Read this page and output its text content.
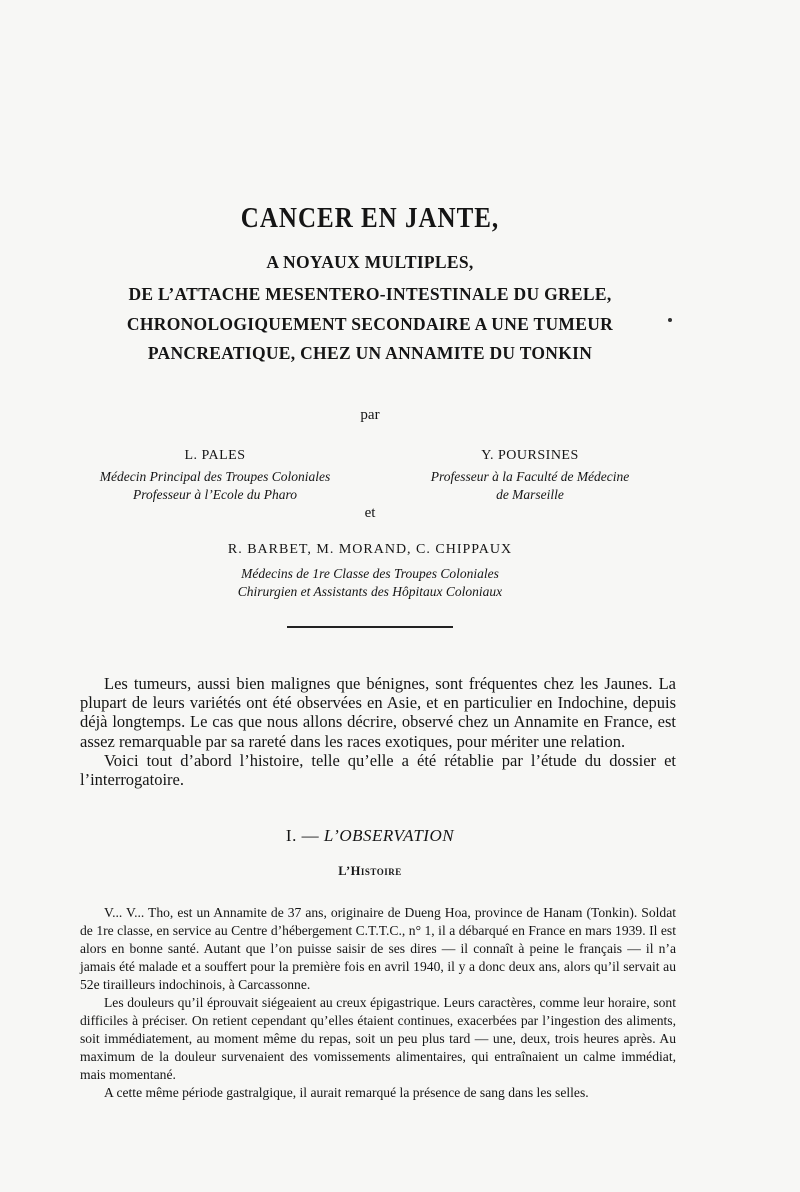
CANCER EN JANTE,
A NOYAUX MULTIPLES,
DE L’ATTACHE MESENTERO-INTESTINALE DU GRELE,
CHRONOLOGIQUEMENT SECONDAIRE A UNE TUMEUR
PANCREATIQUE, CHEZ UN ANNAMITE DU TONKIN
par
L. PALES
Médecin Principal des Troupes Coloniales
Professeur à l’Ecole du Pharo
Y. POURSINES
Professeur à la Faculté de Médecine
de Marseille
et
R. BARBET, M. MORAND, C. CHIPPAUX
Médecins de 1re Classe des Troupes Coloniales
Chirurgien et Assistants des Hôpitaux Coloniaux

Les tumeurs, aussi bien malignes que bénignes, sont fréquentes chez les Jaunes. La plupart de leurs variétés ont été observées en Asie, et en particulier en Indochine, depuis déjà longtemps. Le cas que nous allons décrire, observé chez un Annamite en France, est assez remarquable par sa rareté dans les races exotiques, pour mériter une relation.

Voici tout d’abord l’histoire, telle qu’elle a été rétablie par l’étude du dossier et l’interrogatoire.

I. — L’OBSERVATION
L’Histoire

V... V... Tho, est un Annamite de 37 ans, originaire de Dueng Hoa, province de Hanam (Tonkin). Soldat de 1re classe, en service au Centre d’hébergement C.T.T.C., n° 1, il a débarqué en France en mars 1939. Il est alors en bonne santé. Autant que l’on puisse saisir de ses dires — il connaît à peine le français — il n’a jamais été malade et a souffert pour la première fois en avril 1940, il y a donc deux ans, alors qu’il servait au 52e tirailleurs indochinois, à Carcassonne.

Les douleurs qu’il éprouvait siégeaient au creux épigastrique. Leurs caractères, comme leur horaire, sont difficiles à préciser. On retient cependant qu’elles étaient continues, exacerbées par l’ingestion des aliments, soit immédiatement, au moment même du repas, soit un peu plus tard — une, deux, trois heures après. Au maximum de la douleur survenaient des vomissements alimentaires, qui entraînaient un calme immédiat, mais momentané.

A cette même période gastralgique, il aurait remarqué la présence de sang dans les selles.
